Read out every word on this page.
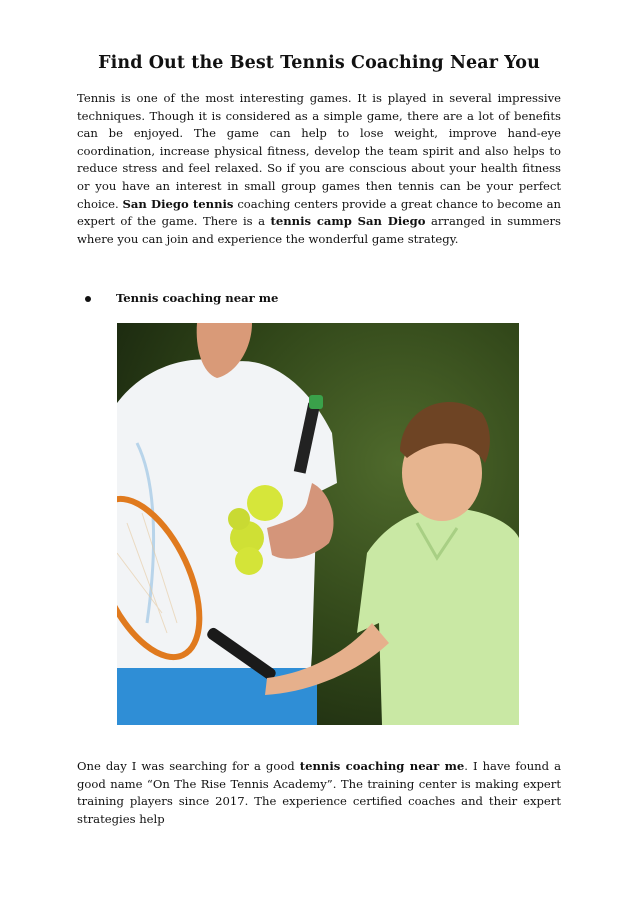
Find Out the Best Tennis Coaching Near You
Tennis is one of the most interesting games. It is played in several impressive techniques. Though it is considered as a simple game, there are a lot of benefits can be enjoyed. The game can help to lose weight, improve hand-eye coordination, increase physical fitness, develop the team spirit and also helps to reduce stress and feel relaxed. So if you are conscious about your health fitness or you have an interest in small group games then tennis can be your perfect choice. San Diego tennis coaching centers provide a great chance to become an expert of the game. There is a tennis camp San Diego arranged in summers where you can join and experience the wonderful game strategy.
Tennis coaching near me
One day I was searching for a good tennis coaching near me. I have found a good name “On The Rise Tennis Academy”. The training center is making expert training players since 2017. The experience certified coaches and their expert strategies help
